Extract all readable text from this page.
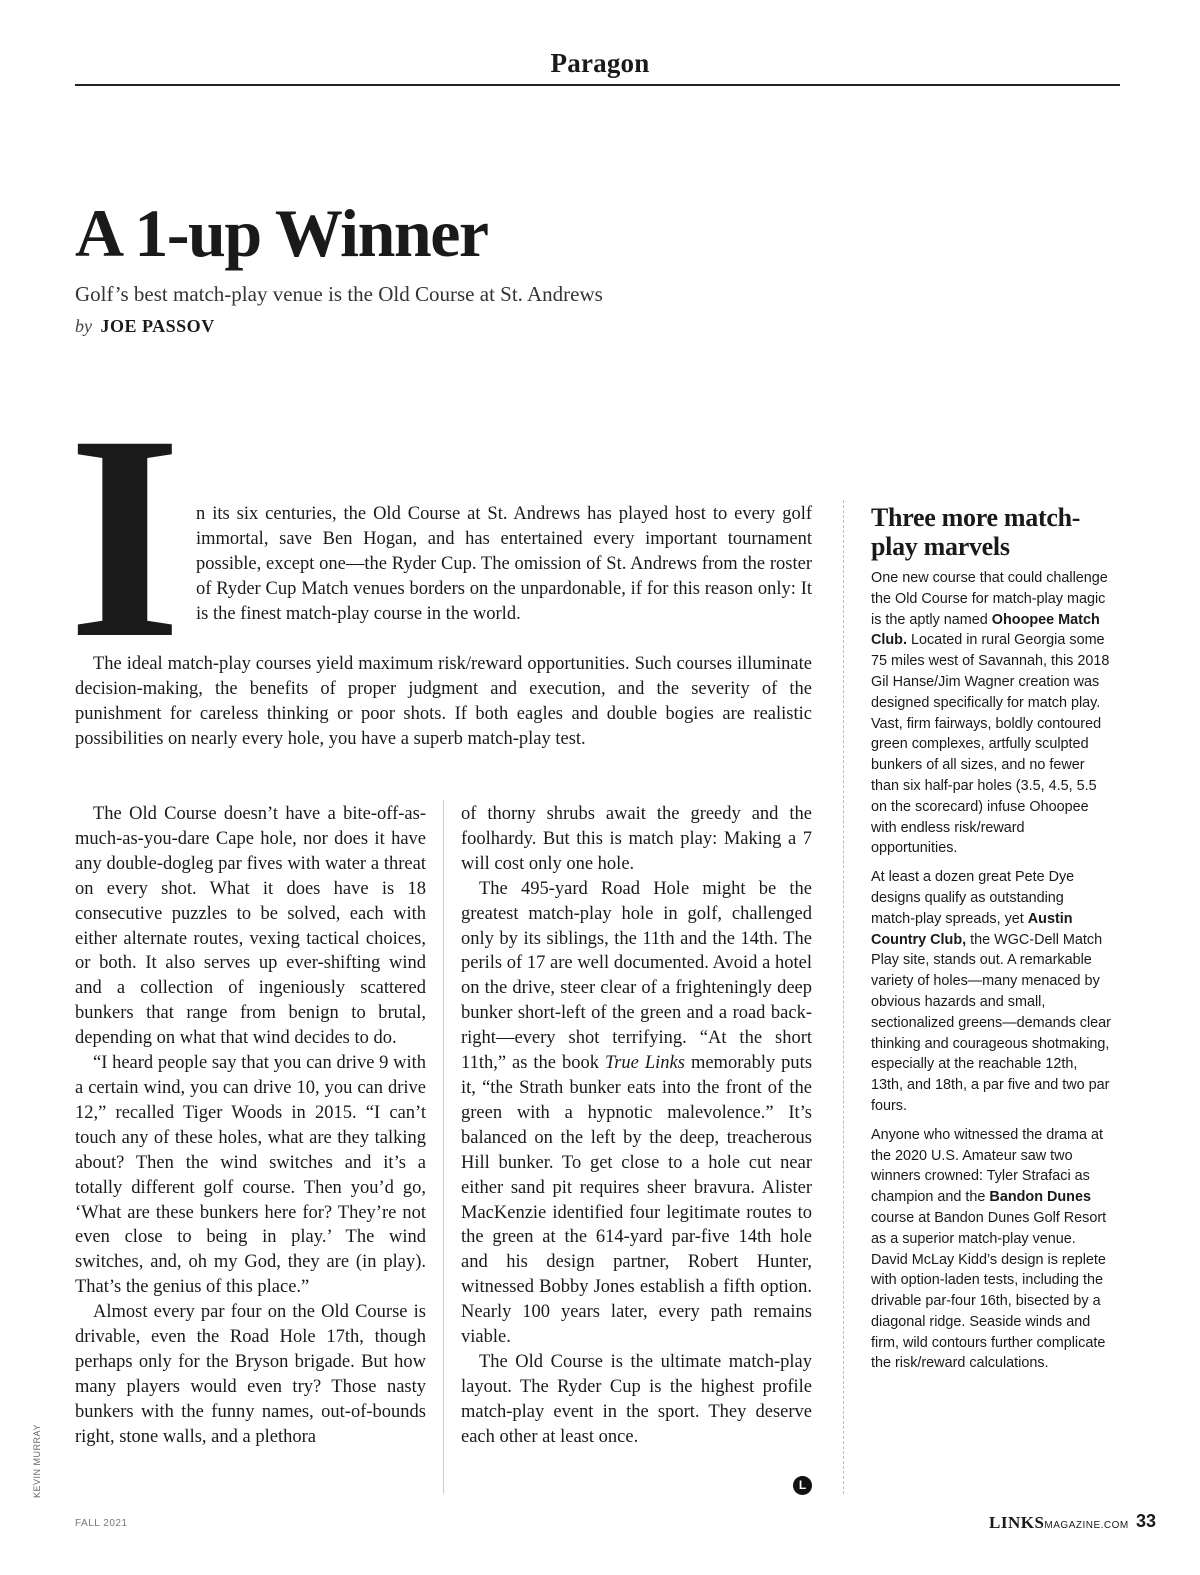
Paragon
A 1-up Winner
Golf’s best match-play venue is the Old Course at St. Andrews
by JOE PASSOV
I n its six centuries, the Old Course at St. Andrews has played host to every golf immortal, save Ben Hogan, and has entertained every important tournament possible, except one—the Ryder Cup. The omission of St. Andrews from the roster of Ryder Cup Match venues borders on the unpardonable, if for this reason only: It is the finest match-play course in the world.
The ideal match-play courses yield maximum risk/reward opportunities. Such courses illuminate decision-making, the benefits of proper judgment and execution, and the severity of the punishment for careless thinking or poor shots. If both eagles and double bogies are realistic possibilities on nearly every hole, you have a superb match-play test.

The Old Course doesn’t have a bite-off-as-much-as-you-dare Cape hole, nor does it have any double-dogleg par fives with water a threat on every shot. What it does have is 18 consecutive puzzles to be solved, each with either alternate routes, vexing tactical choices, or both. It also serves up ever-shifting wind and a collection of ingeniously scattered bunkers that range from benign to brutal, depending on what that wind decides to do.

“I heard people say that you can drive 9 with a certain wind, you can drive 10, you can drive 12,” recalled Tiger Woods in 2015. “I can’t touch any of these holes, what are they talking about? Then the wind switches and it’s a totally different golf course. Then you’d go, ‘What are these bunkers here for? They’re not even close to being in play.’ The wind switches, and, oh my God, they are (in play). That’s the genius of this place.”

Almost every par four on the Old Course is drivable, even the Road Hole 17th, though perhaps only for the Bryson brigade. But how many players would even try? Those nasty bunkers with the funny names, out-of-bounds right, stone walls, and a plethora

of thorny shrubs await the greedy and the foolhardy. But this is match play: Making a 7 will cost only one hole.

The 495-yard Road Hole might be the greatest match-play hole in golf, challenged only by its siblings, the 11th and the 14th. The perils of 17 are well documented. Avoid a hotel on the drive, steer clear of a frighteningly deep bunker short-left of the green and a road back-right—every shot terrifying. “At the short 11th,” as the book True Links memorably puts it, “the Strath bunker eats into the front of the green with a hypnotic malevolence.” It’s balanced on the left by the deep, treacherous Hill bunker. To get close to a hole cut near either sand pit requires sheer bravura. Alister MacKenzie identified four legitimate routes to the green at the 614-yard par-five 14th hole and his design partner, Robert Hunter, witnessed Bobby Jones establish a fifth option. Nearly 100 years later, every path remains viable.

The Old Course is the ultimate match-play layout. The Ryder Cup is the highest profile match-play event in the sport. They deserve each other at least once.

L
Three more match-play marvels

One new course that could challenge the Old Course for match-play magic is the aptly named Ohoopee Match Club. Located in rural Georgia some 75 miles west of Savannah, this 2018 Gil Hanse/Jim Wagner creation was designed specifically for match play. Vast, firm fairways, boldly contoured green complexes, artfully sculpted bunkers of all sizes, and no fewer than six half-par holes (3.5, 4.5, 5.5 on the scorecard) infuse Ohoopee with endless risk/reward opportunities.

At least a dozen great Pete Dye designs qualify as outstanding match-play spreads, yet Austin Country Club, the WGC-Dell Match Play site, stands out. A remarkable variety of holes—many menaced by obvious hazards and small, sectionalized greens—demands clear thinking and courageous shotmaking, especially at the reachable 12th, 13th, and 18th, a par five and two par fours.

Anyone who witnessed the drama at the 2020 U.S. Amateur saw two winners crowned: Tyler Strafaci as champion and the Bandon Dunes course at Bandon Dunes Golf Resort as a superior match-play venue. David McLay Kidd’s design is replete with option-laden tests, including the drivable par-four 16th, bisected by a diagonal ridge. Seaside winds and firm, wild contours further complicate the risk/reward calculations.

KEVIN MURRAY
FALL 2021	LINKSMAGAZINE.COM 33
